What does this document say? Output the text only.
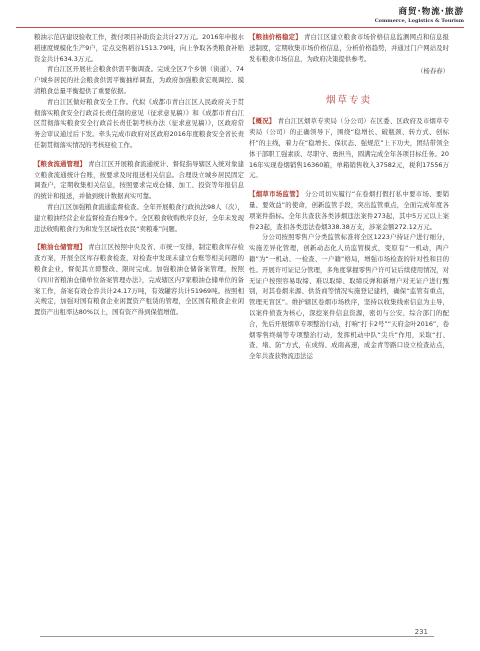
商贸·物流·旅游
Commerce, Logistics & Tourism

粮油示范店建设验收工作，拨付项目补助资金共计27万元。2016年申报水稻速度规模化生产9户，定点交售稻谷1513.79吨，向上争取各类粮食补贴资金共计634.3万元。

青白江区开展社会粮食供需平衡调查。完成全区7个乡镇（街道）、74户城乡居民的社会粮食供需平衡抽样调查，为政府加强粮食宏观调控、摸清粮食总量平衡提供了重要依据。

青白江区做好粮食安全工作。代拟《成都市青白江区人民政府关于贯彻落实粮食安全行政首长责任制的意见（征求意见稿）》和《成都市青白江区贯彻落实粮食安全行政首长责任制考核办法（征求意见稿）》，区政府常务会审议通过后下发。牵头完成市政府对区政府2016年度粮食安全省长责任制贯彻落实情况的考核迎检工作。

【粮食流通管理】 青白江区开展粮食流通统计、督促指导辖区入统对象建立粮食流通统计台账，按要求及时报送相关信息。合理设立城乡居民固定调查户，定期收集相关信息，按照要求完成仓储、加工、投资等年报信息的统计和报送，并做到统计数据真实可靠。

青白江区加强粮食流通监督检查。全年开展粮食行政执法98人（次），建立粮油经营企业监督检查台账9个。全区粮食收购秩序良好，全年未发现违法收购粮食行为和发生区域性农民“卖粮难”问题。

【粮油仓储管理】 青白江区按照中央及省、市统一安排，制定粮食库存检查方案，开展全区库存粮食检查，对检查中发现未建立台账等相关问题的粮食企业，督促其立即整改、限时完成。加强粮油仓储备案管理，按照《四川省粮油仓储单位备案管理办法》，完成辖区内7家粮油仓储单位的备案工作，备案有效仓容共计24.17万吨，有效罐容共计51969吨。按照相关规定，加强对国有粮食企业闲置资产租赁的管理，全区国有粮食企业闲置资产出租率达80%以上，国有资产得到保值增值。

【粮油价格稳定】 青白江区建立粮食市场价格信息监测网点和信息报送制度，定期收集市场价格信息，分析价格趋势，并通过门户网站及时发布粮食市场信息，为政府决策提供参考。

（杨春舂）
烟草专卖

【概况】 青白江区烟草专卖局（分公司）在区委、区政府及市烟草专卖局（公司）的正确领导下，围绕“稳增长、破瓶颈、转方式、创标杆”的主线，着力在“稳增长、保状态、强规范”上下功夫，团结带领全体干部职工强素质、尽职守、勇担当，圆满完成全年各项目标任务。2016年实现卷烟销售16360箱，单箱销售收入37582元，税利17556万元。

【烟草市场监管】 分公司切实履行“在卷烟打假打私中要市场、要销量、要效益”的使命，创新监管手段，突出监管重点，全面完成年度各项案件指标。全年共查获各类涉烟违法案件273起，其中5万元以上案件23起，查扣各类违法卷烟338.38万支，涉案金额272.12万元。

分公司按照零售户分类监管标准将全区1223户持证户进行细分，实施差异化管理，创新动态化人员监管模式，变原有“一机动，两户籍”为“一机动、一检查、一户籍”格局，增强市场检查的针对性和目的性。开展许可证记分管理，多角度掌握零售户许可证后续使用情况，对无证户按照容易取缔、难以取缔、取缔反弹和新增户对无证户进行甄别，对其卷烟来源、供货商等情况实施登记建档，确保“监管有重点，管理无盲区”。维护辖区卷烟市场秩序，坚持以收集线索信息为主导，以案件侦查为核心，深挖案件信息资源，密切与公安、综合部门的配合，先后开展烟草专项整治行动，打响“打卡2号”“天府金叶2016”，卷烟零售终端等专项整治行动，发挥机动中队“尖兵”作用，采取“打、查、堵、防”方式，在成绵、成南高速，成金青等路口设立检查站点，全年共查获物流违法运

231
